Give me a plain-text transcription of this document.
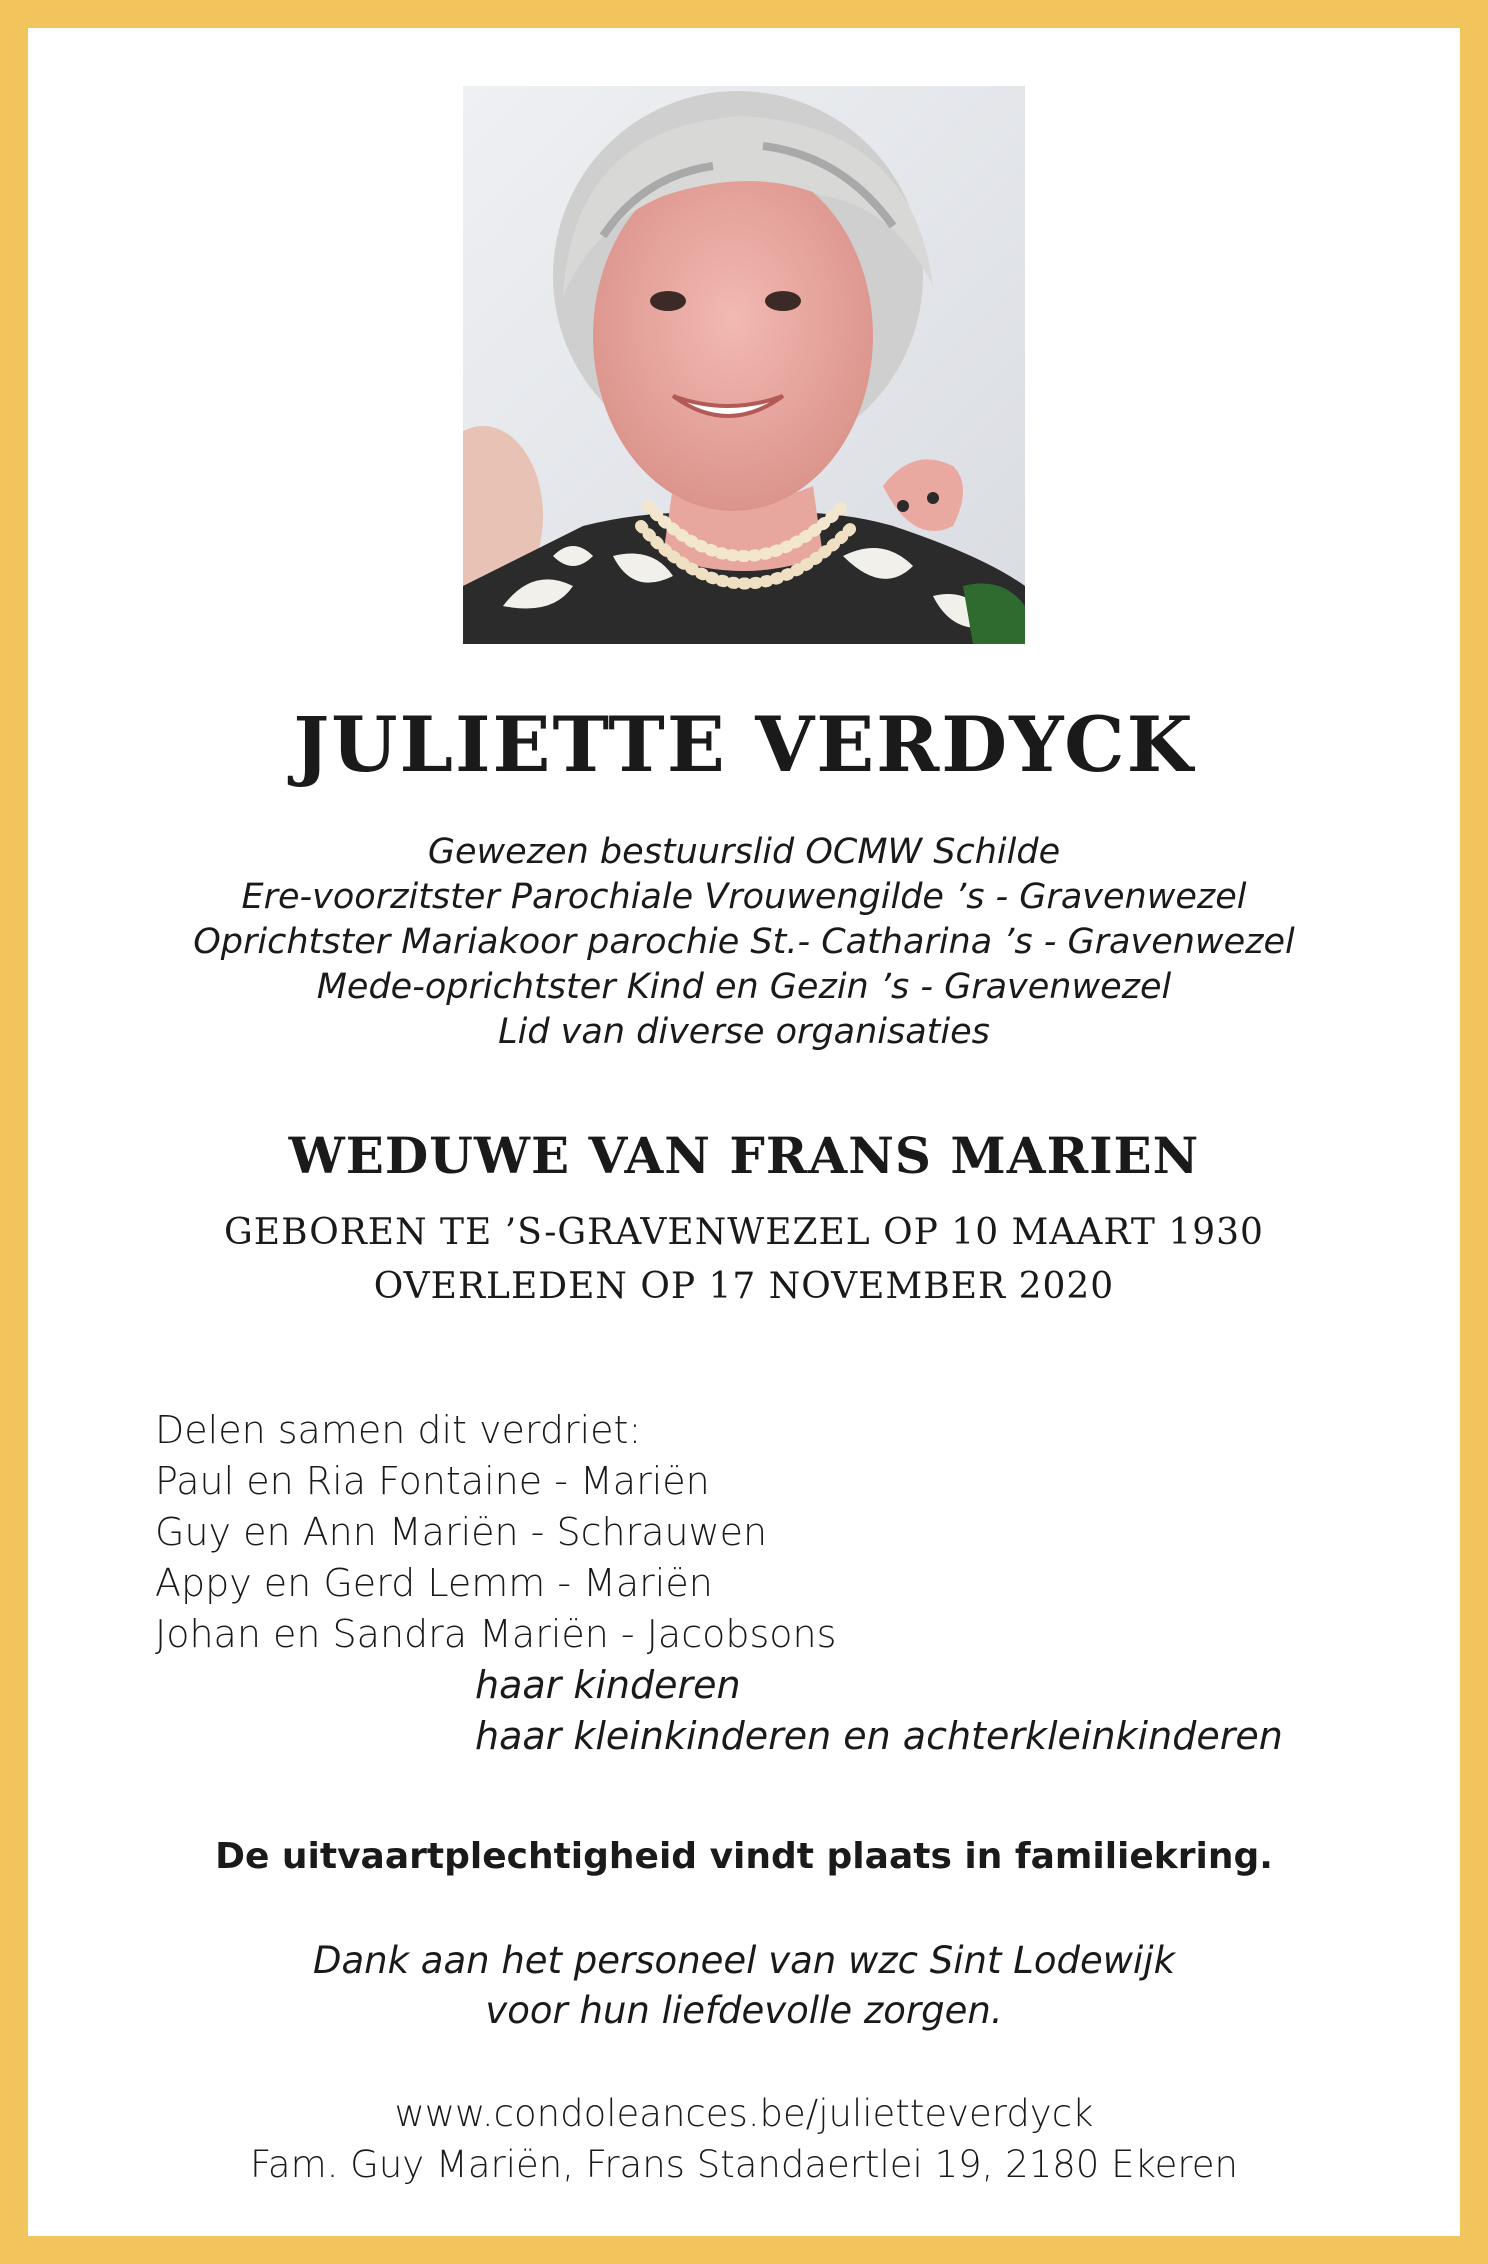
JULIETTE VERDYCK
Gewezen bestuurslid OCMW Schilde
Ere-voorzitster Parochiale Vrouwengilde ’s - Gravenwezel
Oprichtster Mariakoor parochie St.- Catharina ’s - Gravenwezel
Mede-oprichtster Kind en Gezin ’s - Gravenwezel
Lid van diverse organisaties
WEDUWE VAN FRANS MARIEN
GEBOREN TE ’S-GRAVENWEZEL OP 10 MAART 1930
OVERLEDEN OP 17 NOVEMBER 2020
Delen samen dit verdriet:
Paul en Ria Fontaine - Mariën
Guy en Ann Mariën - Schrauwen
Appy en Gerd Lemm - Mariën
Johan en Sandra Mariën - Jacobsons
haar kinderen
haar kleinkinderen en achterkleinkinderen
De uitvaartplechtigheid vindt plaats in familiekring.
Dank aan het personeel van wzc Sint Lodewijk
voor hun liefdevolle zorgen.
www.condoleances.be/julietteverdyck
Fam. Guy Mariën, Frans Standaertlei 19, 2180 Ekeren
